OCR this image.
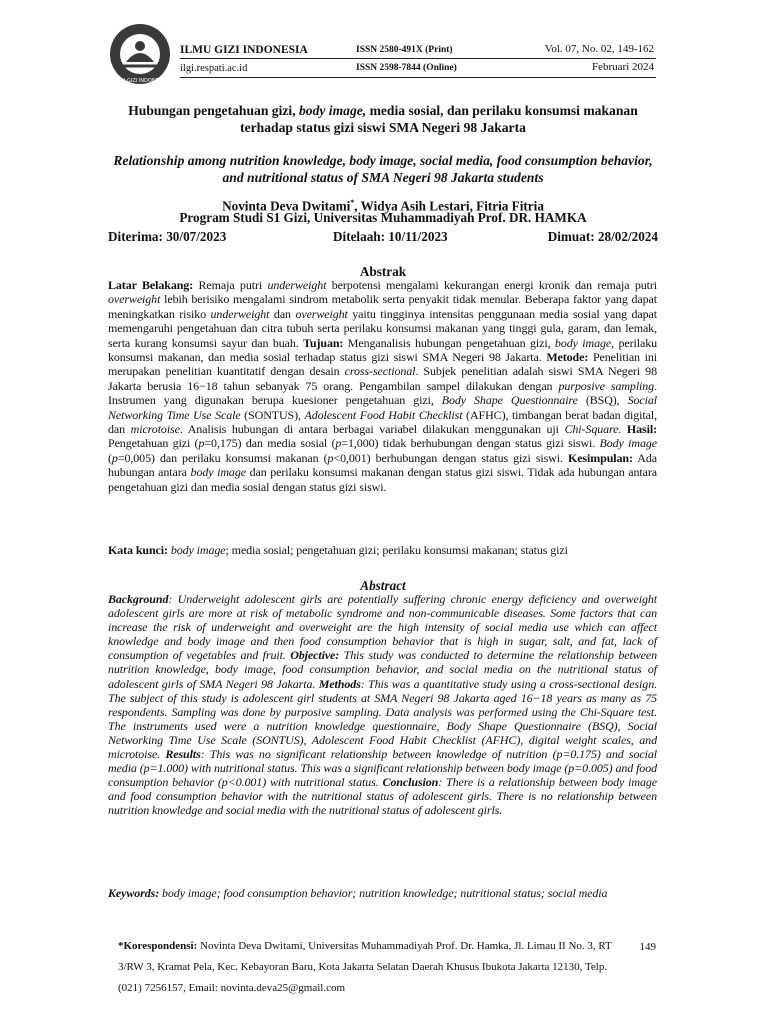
ILMU GIZI INDONESIA
ILMU GIZI INDONESIA
ilgi.respati.ac.id
ISSN 2580-491X (Print)
ISSN 2598-7844 (Online)
Vol. 07, No. 02, 149-162
Februari 2024
Hubungan pengetahuan gizi, body image, media sosial, dan perilaku konsumsi makanan terhadap status gizi siswi SMA Negeri 98 Jakarta
Relationship among nutrition knowledge, body image, social media, food consumption behavior, and nutritional status of SMA Negeri 98 Jakarta students
Novinta Deva Dwitami*, Widya Asih Lestari, Fitria Fitria
Program Studi S1 Gizi, Universitas Muhammadiyah Prof. DR. HAMKA
Diterima: 30/07/2023	Ditelaah: 10/11/2023	Dimuat: 28/02/2024
Abstrak
Latar Belakang: Remaja putri underweight berpotensi mengalami kekurangan energi kronik dan remaja putri overweight lebih berisiko mengalami sindrom metabolik serta penyakit tidak menular. Beberapa faktor yang dapat meningkatkan risiko underweight dan overweight yaitu tingginya intensitas penggunaan media sosial yang dapat memengaruhi pengetahuan dan citra tubuh serta perilaku konsumsi makanan yang tinggi gula, garam, dan lemak, serta kurang konsumsi sayur dan buah. Tujuan: Menganalisis hubungan pengetahuan gizi, body image, perilaku konsumsi makanan, dan media sosial terhadap status gizi siswi SMA Negeri 98 Jakarta. Metode: Penelitian ini merupakan penelitian kuantitatif dengan desain cross-sectional. Subjek penelitian adalah siswi SMA Negeri 98 Jakarta berusia 16−18 tahun sebanyak 75 orang. Pengambilan sampel dilakukan dengan purposive sampling. Instrumen yang digunakan berupa kuesioner pengetahuan gizi, Body Shape Questionnaire (BSQ), Social Networking Time Use Scale (SONTUS), Adolescent Food Habit Checklist (AFHC), timbangan berat badan digital, dan microtoise. Analisis hubungan di antara berbagai variabel dilakukan menggunakan uji Chi-Square. Hasil: Pengetahuan gizi (p=0,175) dan media sosial (p=1,000) tidak berhubungan dengan status gizi siswi. Body image (p=0,005) dan perilaku konsumsi makanan (p<0,001) berhubungan dengan status gizi siswi. Kesimpulan: Ada hubungan antara body image dan perilaku konsumsi makanan dengan status gizi siswi. Tidak ada hubungan antara pengetahuan gizi dan media sosial dengan status gizi siswi.
Kata kunci: body image; media sosial; pengetahuan gizi; perilaku konsumsi makanan; status gizi
Abstract
Background: Underweight adolescent girls are potentially suffering chronic energy deficiency and overweight adolescent girls are more at risk of metabolic syndrome and non-communicable diseases. Some factors that can increase the risk of underweight and overweight are the high intensity of social media use which can affect knowledge and body image and then food consumption behavior that is high in sugar, salt, and fat, lack of consumption of vegetables and fruit. Objective: This study was conducted to determine the relationship between nutrition knowledge, body image, food consumption behavior, and social media on the nutritional status of adolescent girls of SMA Negeri 98 Jakarta. Methods: This was a quantitative study using a cross-sectional design. The subject of this study is adolescent girl students at SMA Negeri 98 Jakarta aged 16−18 years as many as 75 respondents. Sampling was done by purposive sampling. Data analysis was performed using the Chi-Square test. The instruments used were a nutrition knowledge questionnaire, Body Shape Questionnaire (BSQ), Social Networking Time Use Scale (SONTUS), Adolescent Food Habit Checklist (AFHC), digital weight scales, and microtoise. Results: This was no significant relationship between knowledge of nutrition (p=0.175) and social media (p=1.000) with nutritional status. This was a significant relationship between body image (p=0.005) and food consumption behavior (p<0.001) with nutritional status. Conclusion: There is a relationship between body image and food consumption behavior with the nutritional status of adolescent girls. There is no relationship between nutrition knowledge and social media with the nutritional status of adolescent girls.
Keywords: body image; food consumption behavior; nutrition knowledge; nutritional status; social media
*Korespondensi: Novinta Deva Dwitami, Universitas Muhammadiyah Prof. Dr. Hamka, Jl. Limau II No. 3, RT 3/RW 3, Kramat Pela, Kec. Kebayoran Baru, Kota Jakarta Selatan Daerah Khusus Ibukota Jakarta 12130, Telp. (021) 7256157, Email: novinta.deva25@gmail.com
149
